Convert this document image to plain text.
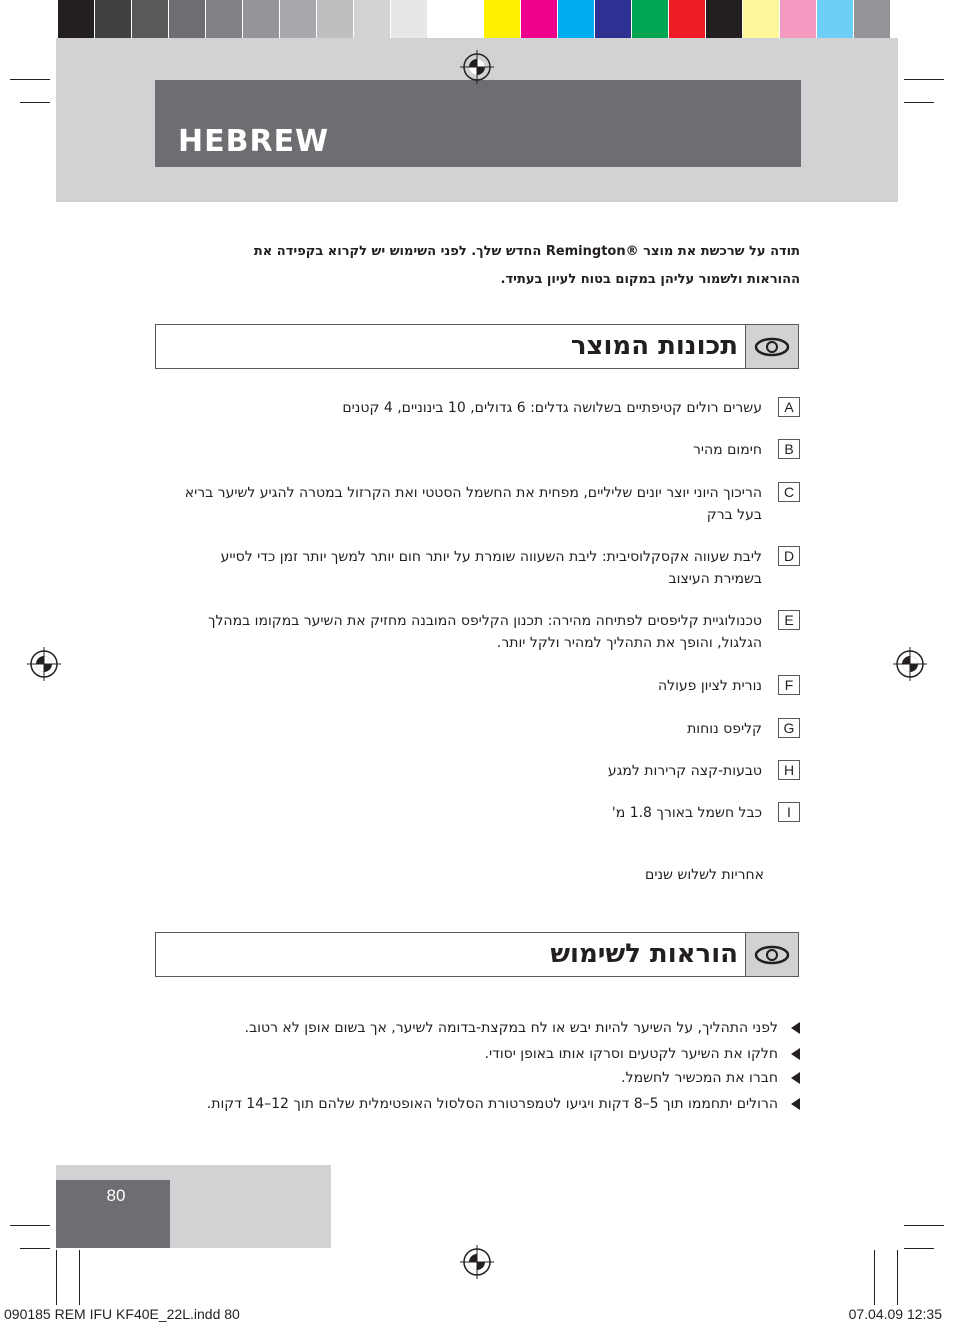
HEBREW
תודה על שרכשת את מוצר ®Remington החדש שלך. לפני השימוש יש לקרוא בקפידה את
ההוראות ולשמור עליהן במקום בטוח לעיון בעתיד.
תכונות המוצר
A
עשרים רולים קטיפתיים בשלושה גדלים: 6 גדולים, 10 בינוניים, 4 קטנים
B
חימום מהיר
C
הריכוך היוני יוצר יונים שליליים, מפחית את החשמל הסטטי ואת הקרזול במטרה להגיע לשיער בריא בעל ברק
D
ליבת שעווה אקסקלוסיבית: ליבת השעווה שומרת על יותר חום יותר למשך יותר זמן כדי לסייע בשמירת העיצוב
E
טכנולוגיית קליפסים לפתיחה מהירה: תכנון הקליפס המובנה מחזיק את השיער במקומו במהלך הגלגול, והופך את התהליך למהיר ולקל יותר.
F
נורית לציון פעולה
G
קליפס נוחות
H
טבעות-קצה קרירות למגע
I
כבל חשמל באורך 1.8 מ'
אחריות לשלוש שנים
הוראות לשימוש
לפני התהליך, על השיער להיות יבש או לח במקצת-בדומה לשיער, אך בשום אופן לא רטוב.
חלקו את השיער לקטעים וסרקו אותו באופן יסודי.
חברו את המכשיר לחשמל.
הרולים יתחממו תוך 5–8 דקות ויגיעו לטמפרטורת הסלסול האופטימלית שלהם תוך 12–14 דקות.
80
090185 REM IFU KF40E_22L.indd 80	07.04.09 12:35
